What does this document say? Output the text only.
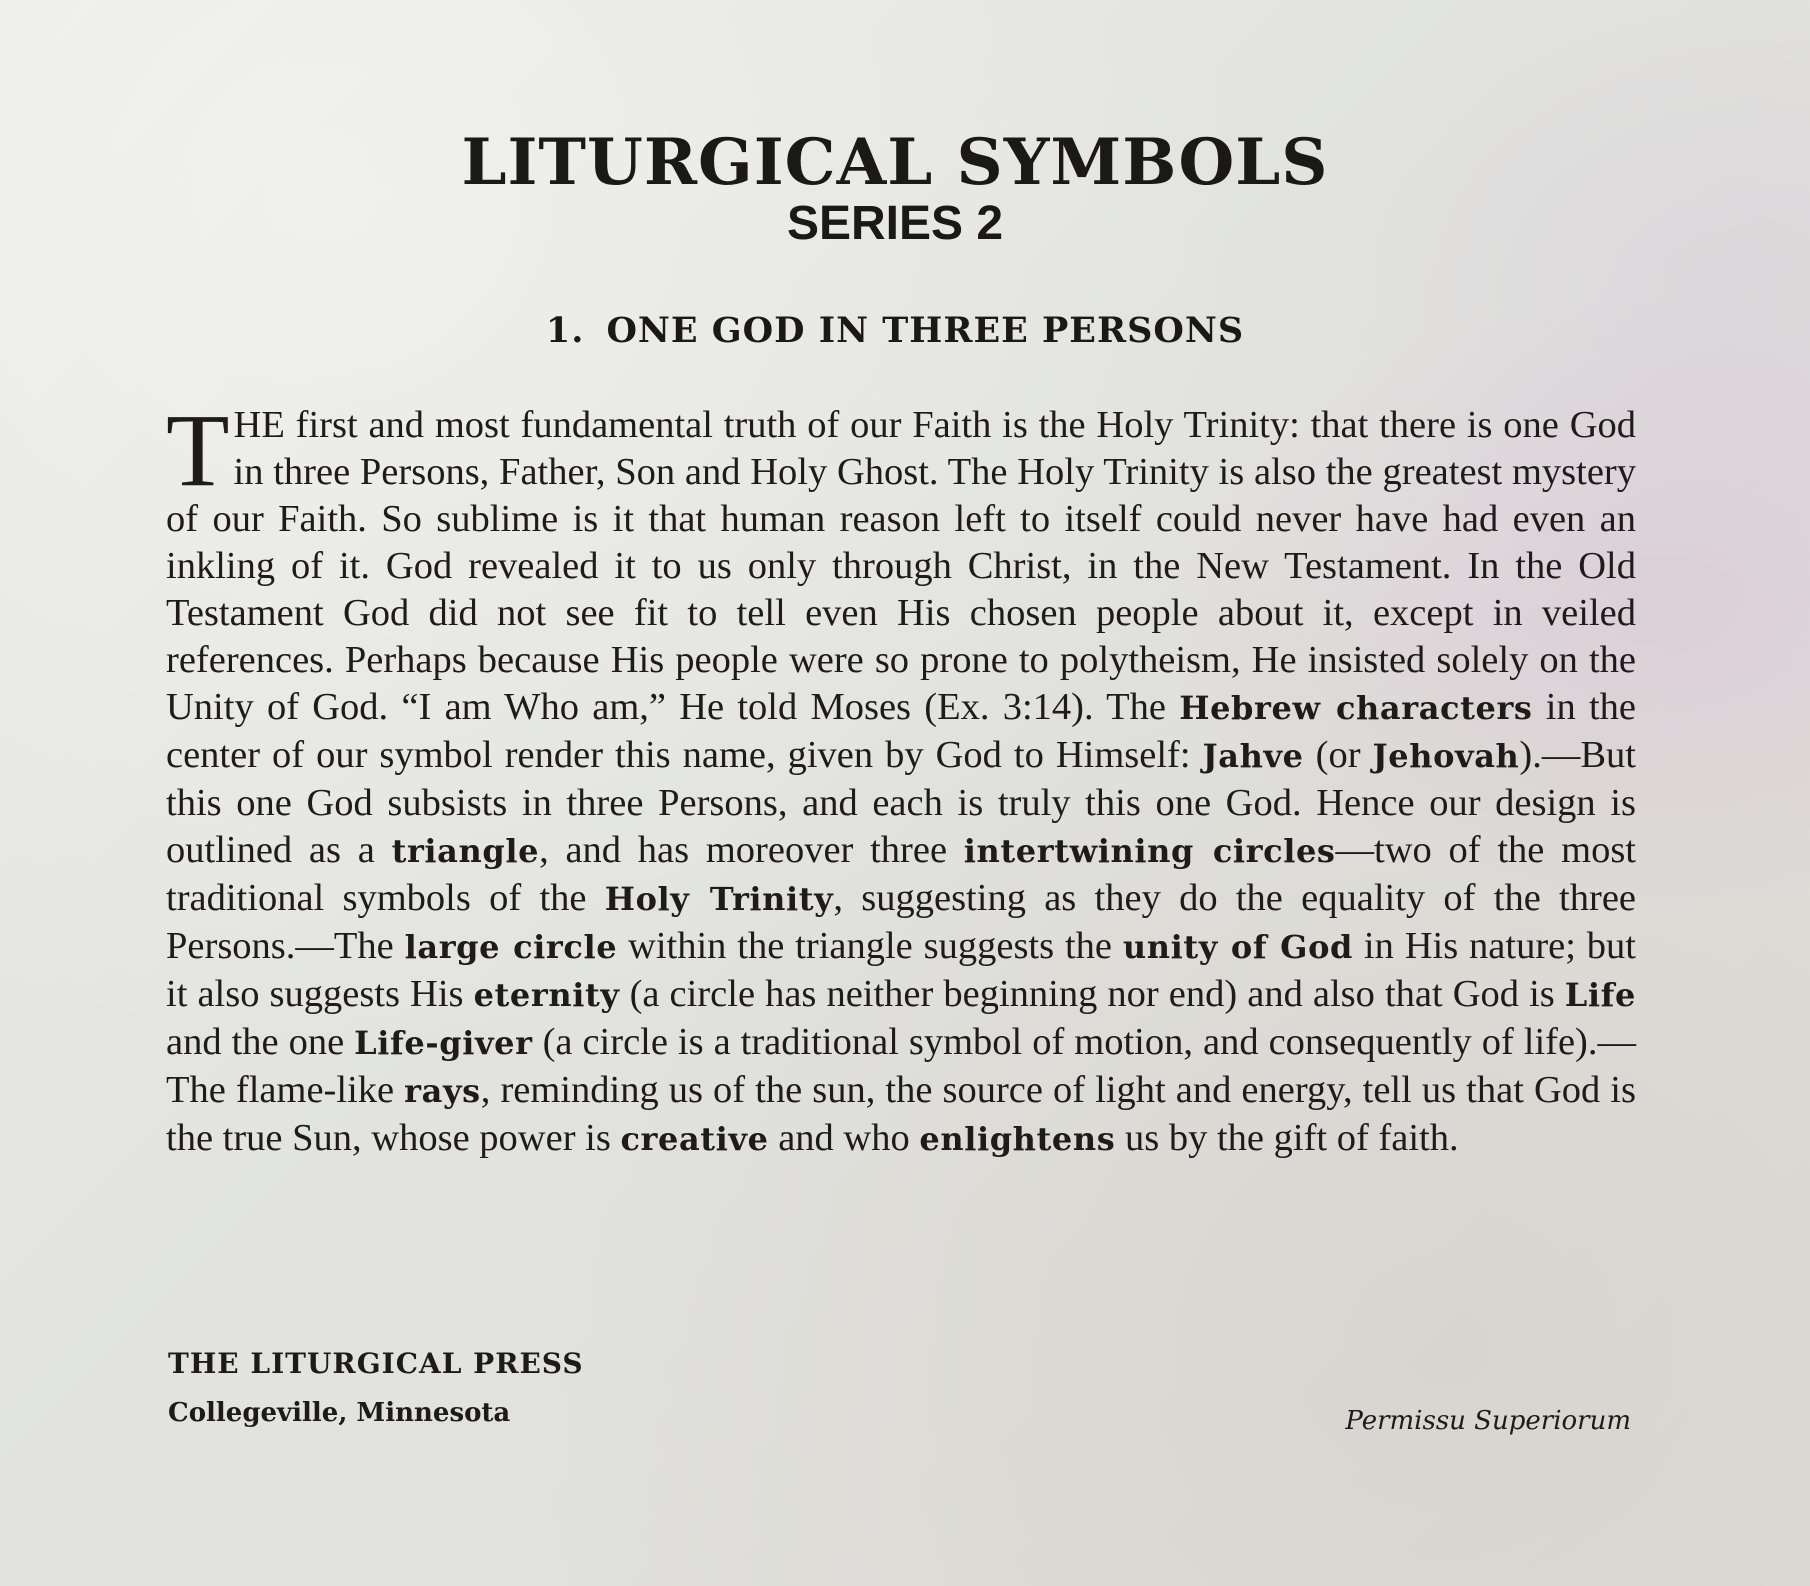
LITURGICAL SYMBOLS
SERIES 2
1. ONE GOD IN THREE PERSONS

THE first and most fundamental truth of our Faith is the Holy Trinity: that there is one God in three Persons, Father, Son and Holy Ghost. The Holy Trinity is also the greatest mystery of our Faith. So sublime is it that human reason left to itself could never have had even an inkling of it. God revealed it to us only through Christ, in the New Testament. In the Old Testament God did not see fit to tell even His chosen people about it, except in veiled references. Perhaps because His people were so prone to polytheism, He insisted solely on the Unity of God. “I am Who am,” He told Moses (Ex. 3:14). The Hebrew characters in the center of our symbol render this name, given by God to Himself: Jahve (or Jehovah).—But this one God subsists in three Persons, and each is truly this one God. Hence our design is outlined as a triangle, and has moreover three intertwining circles—two of the most traditional symbols of the Holy Trinity, suggesting as they do the equality of the three Persons.—The large circle within the triangle suggests the unity of God in His nature; but it also suggests His eternity (a circle has neither beginning nor end) and also that God is Life and the one Life-giver (a circle is a traditional symbol of motion, and consequently of life).—The flame-like rays, reminding us of the sun, the source of light and energy, tell us that God is the true Sun, whose power is creative and who enlightens us by the gift of faith.

THE LITURGICAL PRESS
Collegeville, Minnesota	Permissu Superiorum
